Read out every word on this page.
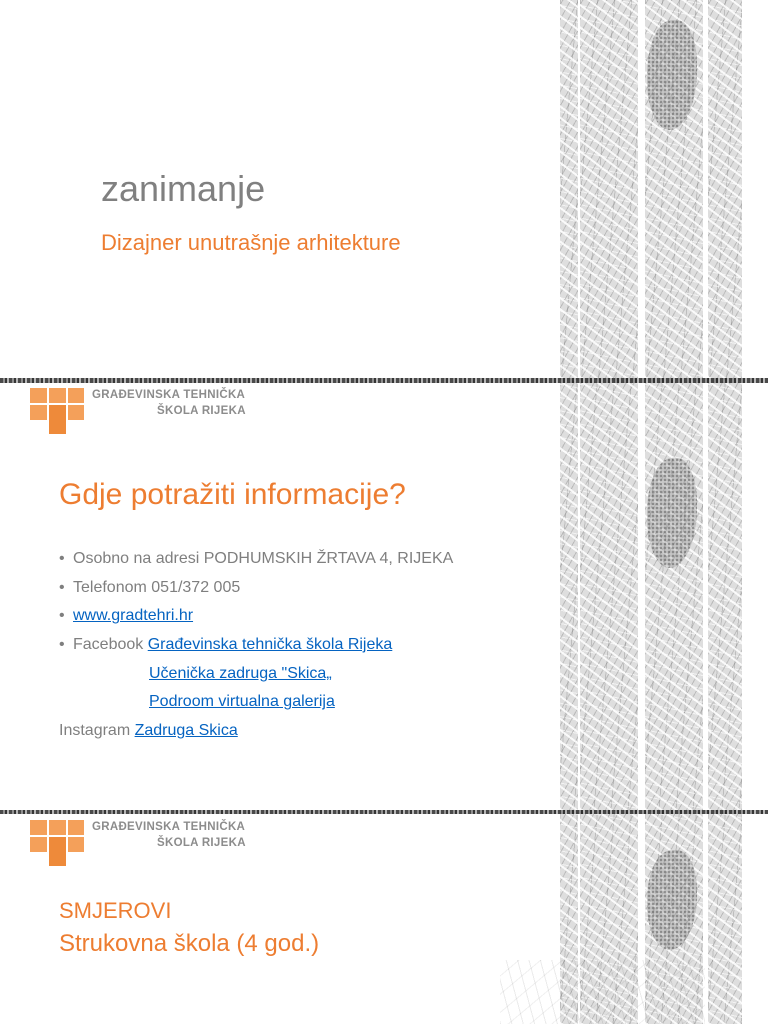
zanimanje
Dizajner unutrašnje arhitekture
GRAĐEVINSKA TEHNIČKA
ŠKOLA RIJEKA
Gdje potražiti informacije?
• Osobno na adresi PODHUMSKIH ŽRTAVA 4, RIJEKA
• Telefonom 051/372 005
• www.gradtehri.hr
• Facebook Građevinska tehnička škola Rijeka
Učenička zadruga "Skica„
Podroom virtualna galerija
Instagram Zadruga Skica
GRAĐEVINSKA TEHNIČKA
ŠKOLA RIJEKA
SMJEROVI
Strukovna škola (4 god.)
